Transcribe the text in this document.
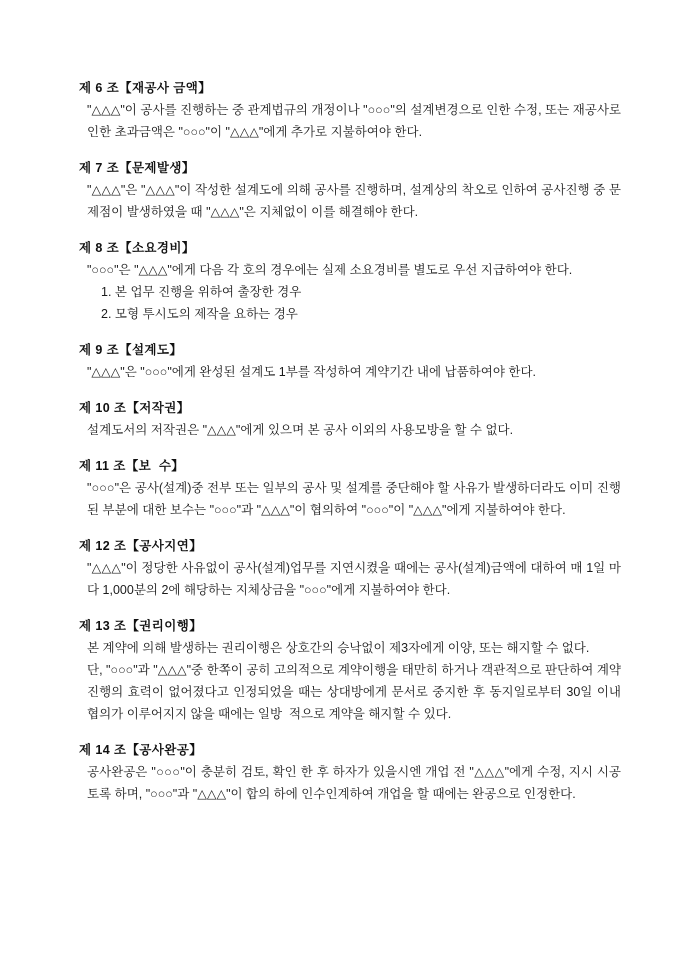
제 6 조【재공사 금액】

"△△△"이 공사를 진행하는 중 관계법규의 개정이나 "○○○"의 설계변경으로 인한 수정, 또는 재공사로 인한 초과금액은 "○○○"이 "△△△"에게 추가로 지불하여야 한다.

제 7 조【문제발생】

"△△△"은 "△△△"이 작성한 설계도에 의해 공사를 진행하며, 설계상의 착오로 인하여 공사진행 중 문제점이 발생하였을 때 "△△△"은 지체없이 이를 해결해야 한다.

제 8 조【소요경비】

"○○○"은 "△△△"에게 다음 각 호의 경우에는 실제 소요경비를 별도로 우선 지급하여야 한다.

1. 본 업무 진행을 위하여 출장한 경우

2. 모형 투시도의 제작을 요하는 경우

제 9 조【설계도】

"△△△"은 "○○○"에게 완성된 설계도 1부를 작성하여 계약기간 내에 납품하여야 한다.

제 10 조【저작권】

설계도서의 저작권은 "△△△"에게 있으며 본 공사 이외의 사용모방을 할 수 없다.

제 11 조【보  수】

"○○○"은 공사(설계)중 전부 또는 일부의 공사 및 설계를 중단해야 할 사유가 발생하더라도 이미 진행된 부분에 대한 보수는 "○○○"과 "△△△"이 협의하여 "○○○"이 "△△△"에게 지불하여야 한다.

제 12 조【공사지연】

"△△△"이 정당한 사유없이 공사(설계)업무를 지연시켰을 때에는 공사(설계)금액에 대하여 매 1일 마다 1,000분의 2에 해당하는 지체상금을 "○○○"에게 지불하여야 한다.

제 13 조【권리이행】

본 계약에 의해 발생하는 권리이행은 상호간의 승낙없이 제3자에게 이양, 또는 해지할 수 없다.

단, "○○○"과 "△△△"중 한쪽이 공히 고의적으로 계약이행을 태만히 하거나 객관적으로 판단하여 계약진행의 효력이 없어졌다고 인정되었을 때는 상대방에게 문서로 중지한 후 동지일로부터 30일 이내 협의가 이루어지지 않을 때에는 일방  적으로 계약을 해지할 수 있다.

제 14 조【공사완공】

공사완공은 "○○○"이 충분히 검토, 확인 한 후 하자가 있을시엔 개업 전 "△△△"에게 수정, 지시 시공토록 하며, "○○○"과 "△△△"이 합의 하에 인수인계하여 개업을 할 때에는 완공으로 인정한다.
